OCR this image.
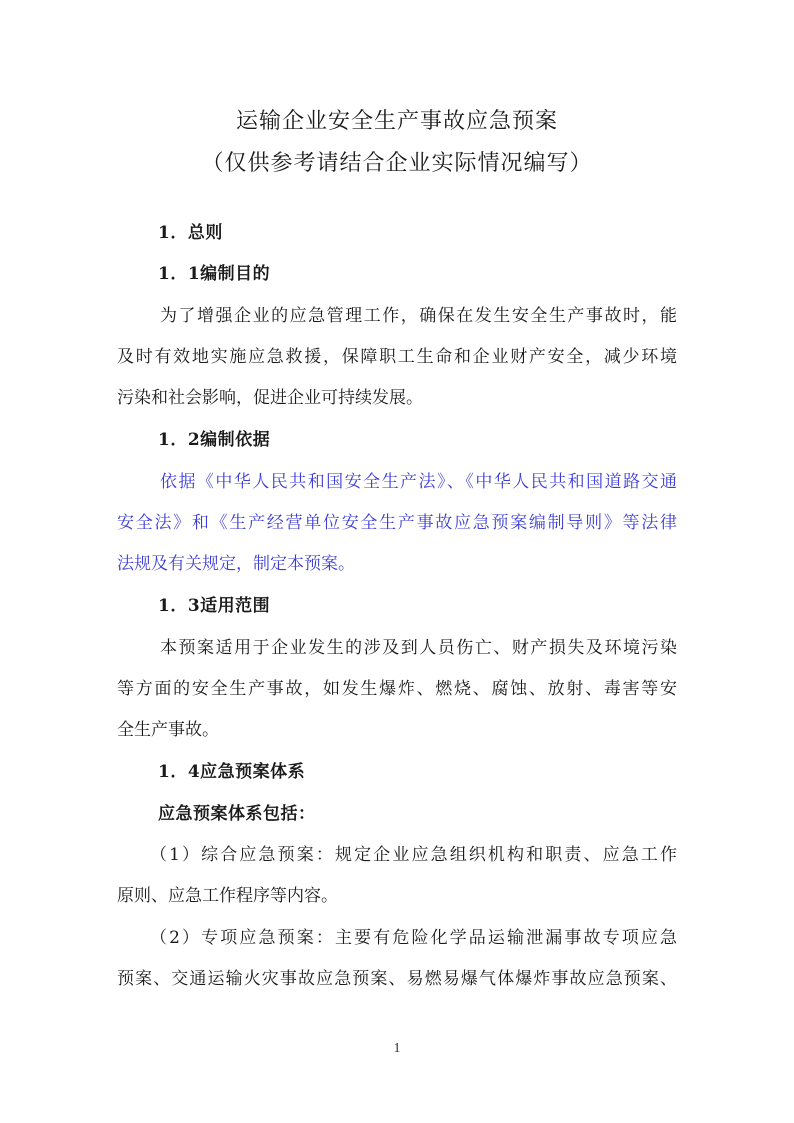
运输企业安全生产事故应急预案
（仅供参考请结合企业实际情况编写）
1．总则
1．1编制目的
为了增强企业的应急管理工作，确保在发生安全生产事故时，能
及时有效地实施应急救援，保障职工生命和企业财产安全，减少环境
污染和社会影响，促进企业可持续发展。
1．2编制依据
依据《中华人民共和国安全生产法》、《中华人民共和国道路交通
安全法》和《生产经营单位安全生产事故应急预案编制导则》等法律
法规及有关规定，制定本预案。
1．3适用范围
本预案适用于企业发生的涉及到人员伤亡、财产损失及环境污染
等方面的安全生产事故，如发生爆炸、燃烧、腐蚀、放射、毒害等安
全生产事故。
1．4应急预案体系
应急预案体系包括：
（1）综合应急预案：规定企业应急组织机构和职责、应急工作
原则、应急工作程序等内容。
（2）专项应急预案：主要有危险化学品运输泄漏事故专项应急
预案、交通运输火灾事故应急预案、易燃易爆气体爆炸事故应急预案、
1
